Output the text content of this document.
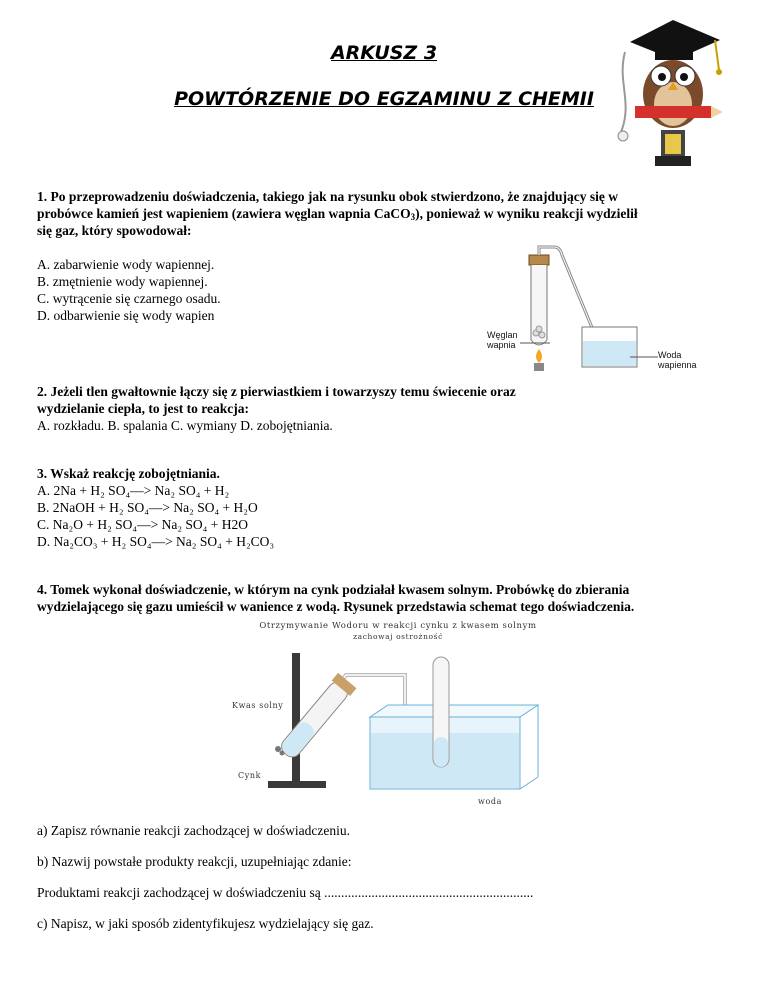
ARKUSZ 3
POWTÓRZENIE DO EGZAMINU Z CHEMII
1. Po przeprowadzeniu doświadczenia, takiego jak na rysunku obok stwierdzono, że znajdujący się w
probówce kamień jest wapieniem (zawiera węglan wapnia CaCO$_3$), ponieważ w wyniku reakcji wydzielił
się gaz, który spowodował:
A. zabarwienie wody wapiennej.
B. zmętnienie wody wapiennej.
C. wytrącenie się czarnego osadu.
D. odbarwienie się wody wapien
Węglan
wapnia
Woda
wapienna
2. Jeżeli tlen gwałtownie łączy się z pierwiastkiem i towarzyszy temu świecenie oraz
wydzielanie ciepła, to jest to reakcja:
A. rozkładu. B. spalania C. wymiany D. zobojętniania.
3. Wskaż reakcję zobojętniania.
A. 2Na + H₂ SO₄—> Na₂ SO₄ + H₂
B. 2NaOH + H₂ SO₄—> Na₂ SO₄ + H₂O
C. Na₂O + H₂ SO₄—> Na₂ SO₄ + H2O
D. Na₂CO₃ + H₂ SO₄—> Na₂ SO₄ + H₂CO₃
4. Tomek wykonał doświadczenie, w którym na cynk podziałał kwasem solnym. Probówkę do zbierania
wydzielającego się gazu umieścił w wanience z wodą. Rysunek przedstawia schemat tego doświadczenia.
Otrzymywanie Wodoru w reakcji cynku z kwasem solnym
zachowaj ostrożność
Kwas solny
Cynk
woda
a) Zapisz równanie reakcji zachodzącej w doświadczeniu.
b) Nazwij powstałe produkty reakcji, uzupełniając zdanie:
Produktami reakcji zachodzącej w doświadczeniu są ..............................................................
c) Napisz, w jaki sposób zidentyfikujesz wydzielający się gaz.
